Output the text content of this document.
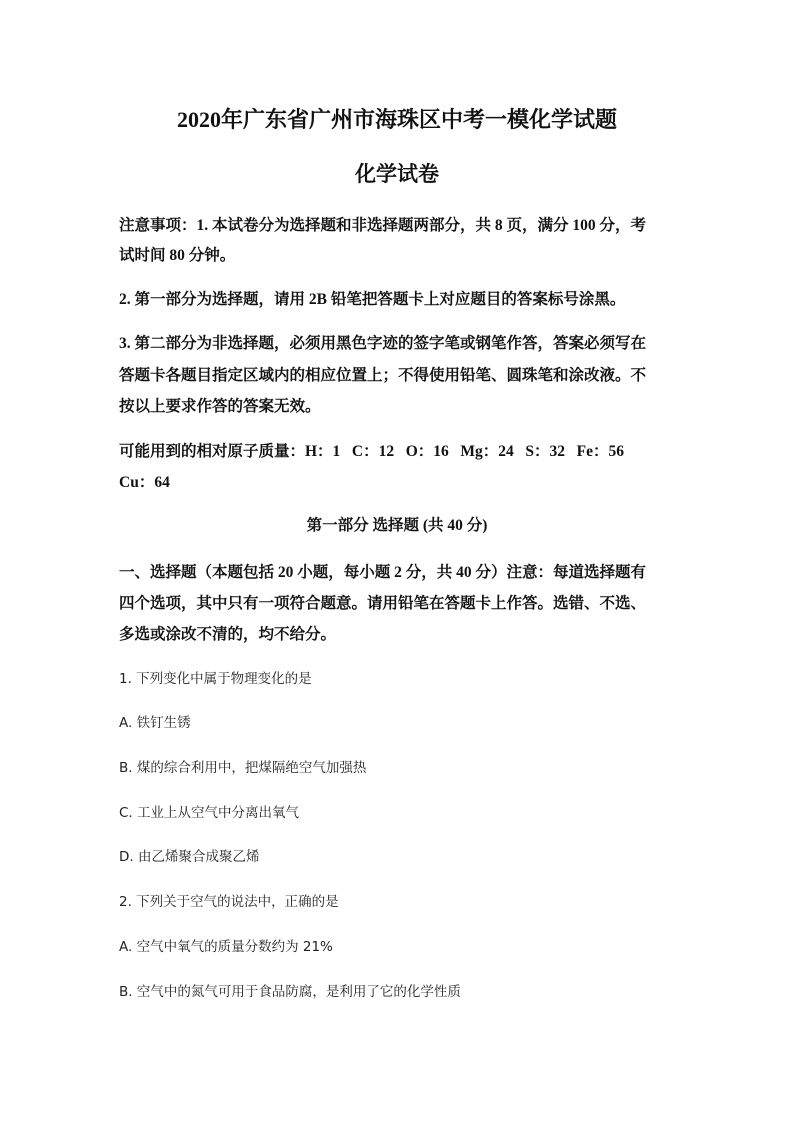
2020年广东省广州市海珠区中考一模化学试题
化学试卷
注意事项：1. 本试卷分为选择题和非选择题两部分，共 8 页，满分 100 分，考
试时间 80 分钟。
2. 第一部分为选择题，请用 2B 铅笔把答题卡上对应题目的答案标号涂黑。
3. 第二部分为非选择题，必须用黑色字迹的签字笔或钢笔作答，答案必须写在
答题卡各题目指定区域内的相应位置上；不得使用铅笔、圆珠笔和涂改液。不
按以上要求作答的答案无效。
可能用到的相对原子质量：H：1   C：12   O：16   Mg：24   S：32   Fe：56
Cu：64
第一部分 选择题 (共 40 分)
一、选择题（本题包括 20 小题，每小题 2 分，共 40 分）注意：每道选择题有
四个选项，其中只有一项符合题意。请用铅笔在答题卡上作答。选错、不选、
多选或涂改不清的，均不给分。
1. 下列变化中属于物理变化的是
A. 铁钉生锈
B. 煤的综合利用中，把煤隔绝空气加强热
C. 工业上从空气中分离出氧气
D. 由乙烯聚合成聚乙烯
2. 下列关于空气的说法中，正确的是
A. 空气中氧气的质量分数约为 21%
B. 空气中的氮气可用于食品防腐，是利用了它的化学性质
